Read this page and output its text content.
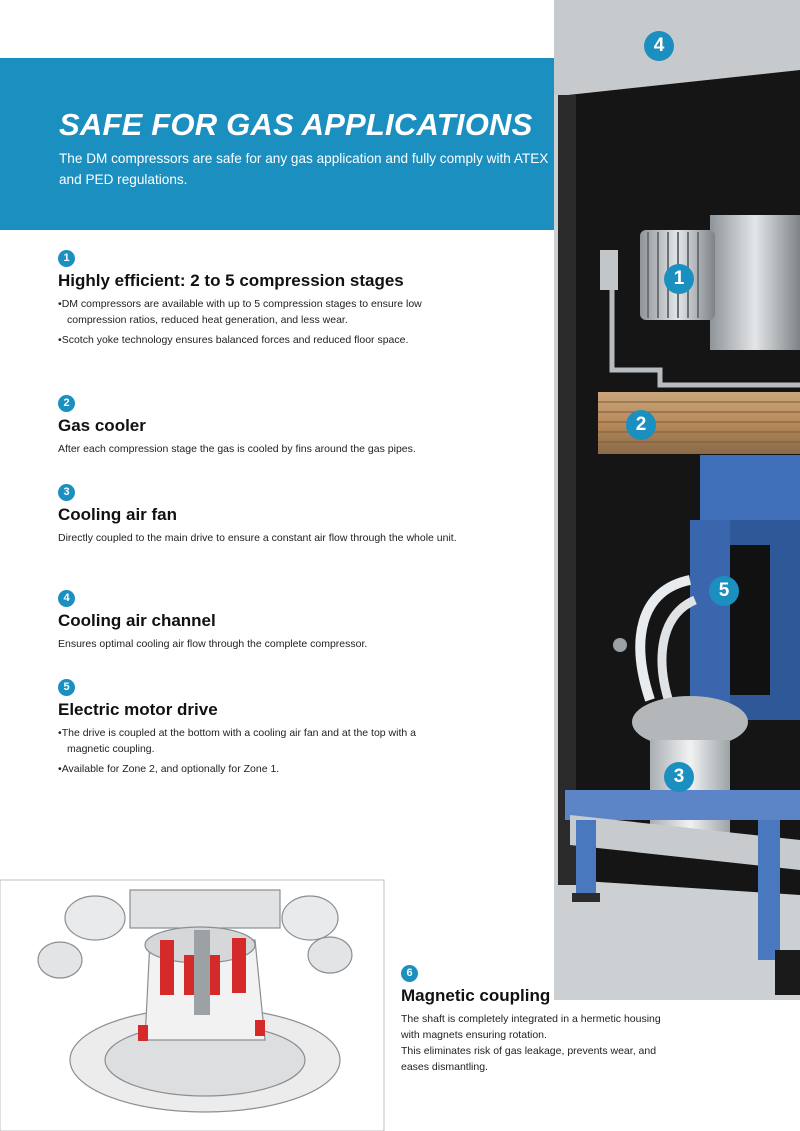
SAFE FOR GAS APPLICATIONS

The DM compressors are safe for any gas application and fully comply with ATEX and PED regulations.

1
Highly efficient: 2 to 5 compression stages
• DM compressors are available with up to 5 compression stages to ensure low compression ratios, reduced heat generation, and less wear.
• Scotch yoke technology ensures balanced forces and reduced floor space.
2
Gas cooler

After each compression stage the gas is cooled by fins around the gas pipes.

3
Cooling air fan

Directly coupled to the main drive to ensure a constant air flow through the whole unit.

4
Cooling air channel

Ensures optimal cooling air flow through the complete compressor.

5
Electric motor drive
• The drive is coupled at the bottom with a cooling air fan and at the top with a magnetic coupling.
• Available for Zone 2, and optionally for Zone 1.
6
Magnetic coupling

The shaft is completely integrated in a hermetic housing with magnets ensuring rotation.
This eliminates risk of gas leakage, prevents wear, and eases dismantling.

4
1
2
5
3
